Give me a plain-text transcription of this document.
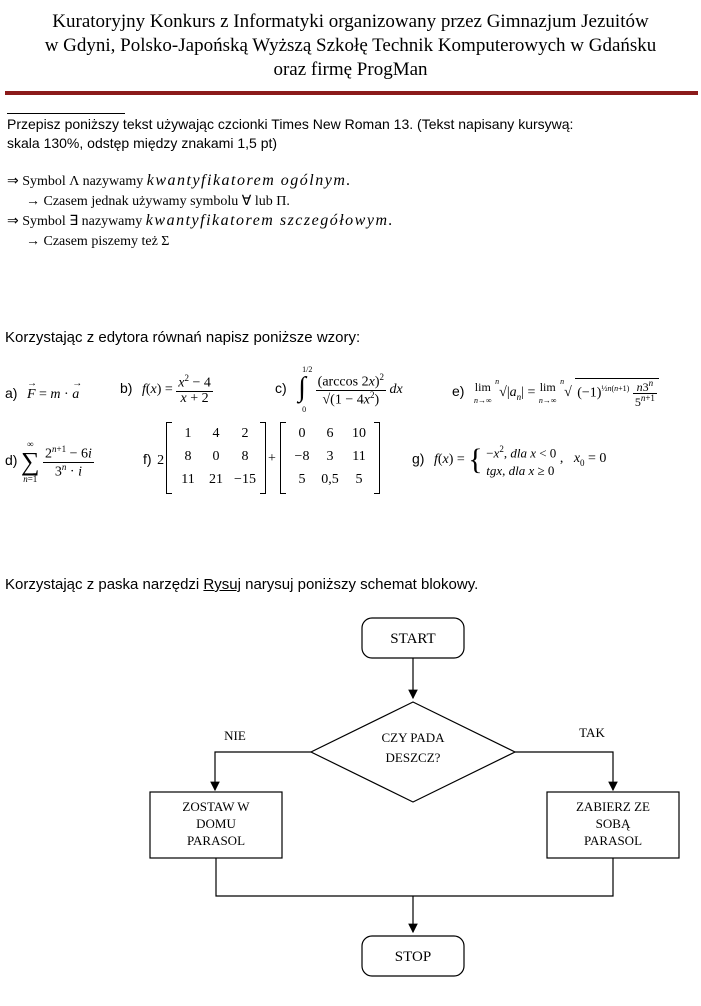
Kuratoryjny Konkurs z Informatyki organizowany przez Gimnazjum Jezuitów
w Gdyni, Polsko-Japońską Wyższą Szkołę Technik Komputerowych w Gdańsku
oraz firmę ProgMan
Przepisz poniższy tekst używając czcionki Times New Roman 13. (Tekst napisany kursywą:
skala 130%, odstęp między znakami 1,5 pt)
⇒ Symbol Λ nazywamy kwantyfikatorem ogólnym.
→ Czasem jednak używamy symbolu ∀ lub Π.
⇒ Symbol ∃ nazywamy kwantyfikatorem szczegółowym.
→ Czasem piszemy też Σ
Korzystając z edytora równań napisz poniższe wzory:
a) F
→
= m · a
→	b) $f(x) = \frac{x^2 - 4}{x + 2}$	c)
1/2
∫
0

$\frac{(\arccos 2x)^2}{√(1 - 4x^2)}$ dx	e) lim
n→∞ $^n√|a_n| = \lim$
n→∞ $^n$√ $(-1)^{\frac{1}{2}n(n+1)} \frac{n3^n}{5^{n+1}}$
d) ∞
∑
$n=1 \frac{2^{n+1} - 6i}{3^n \cdot i}$	f) 2
1	4	2
8	0	8
11	21	−15
+
0	6	10
−8	3	11
5	0,5	5
g) f(x) = { $-x^2$, dla x < 0
tgx, dla x ≥ 0 ,   $x_0 = 0$
Korzystając z paska narzędzi Rysuj narysuj poniższy schemat blokowy.
START
CZY PADA
DESZCZ?
NIE	TAK
ZOSTAW W
DOMU
PARASOL
ZABIERZ ZE
SOBĄ
PARASOL
STOP
